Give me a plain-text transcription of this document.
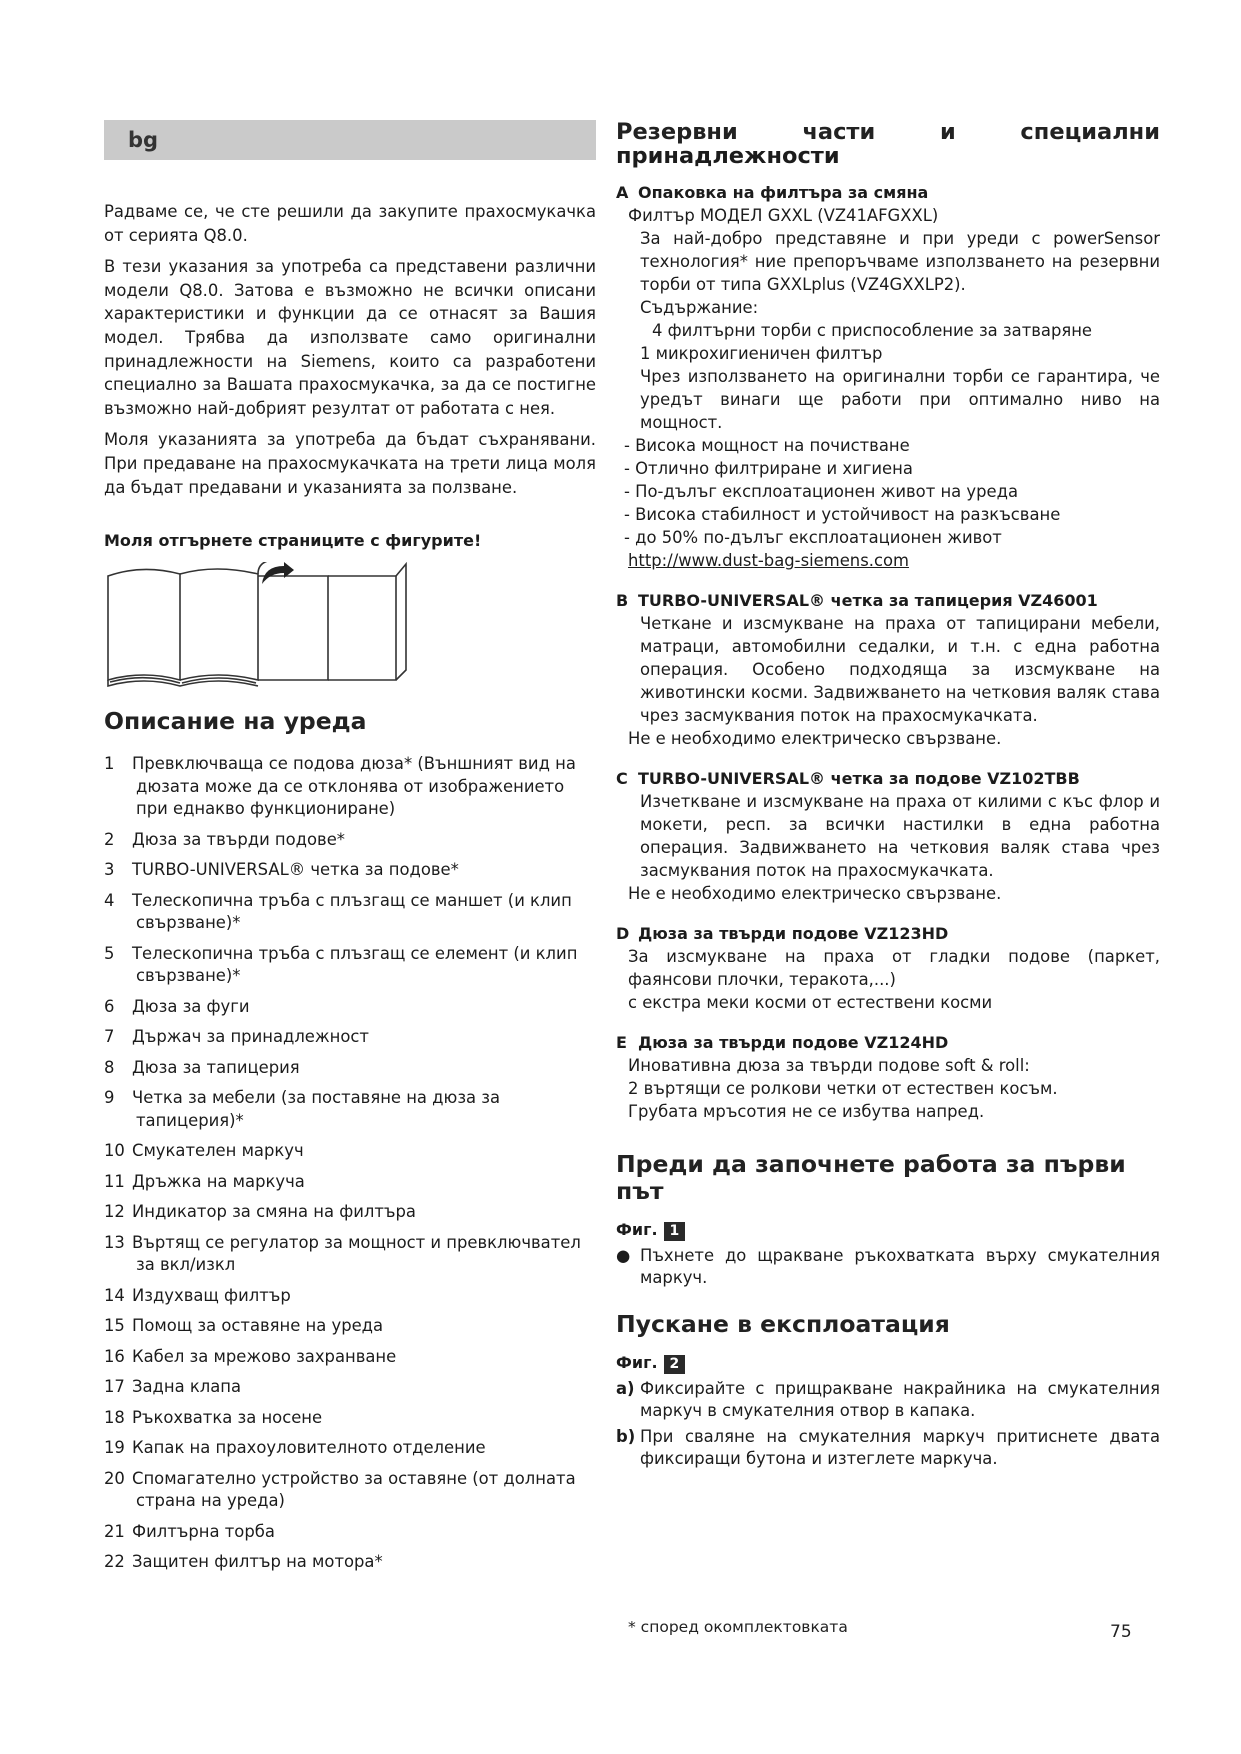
bg

Радваме се, че сте решили да закупите прахосмукачка от серията Q8.0.

В тези указания за употреба са представени различни модели Q8.0. Затова е възможно не всички описани характеристики и функции да се отнасят за Вашия модел. Трябва да използвате само оригинални принадлежности на Siemens, които са разработени специално за Вашата прахосмукачка, за да се постигне възможно най-добрият резултат от работата с нея.

Моля указанията за употреба да бъдат съхранявани. При предаване на прахосмукачката на трети лица моля да бъдат предавани и указанията за ползване.

Моля отгърнете страниците с фигурите!
Описание на уреда
1 Превключваща се подова дюза* (Външният вид на дюзата може да се отклонява от изображението при еднакво функциониране)
2 Дюза за твърди подове*
3 TURBO-UNIVERSAL® четка за подове*
4 Телескопична тръба с плъзгащ се маншет (и клип свързване)*
5 Телескопична тръба с плъзгащ се елемент (и клип свързване)*
6 Дюза за фуги
7 Държач за принадлежност
8 Дюза за тапицерия
9 Четка за мебели (за поставяне на дюза за тапицерия)*
10 Смукателен маркуч
11 Дръжка на маркуча
12 Индикатор за смяна на филтъра
13 Въртящ се регулатор за мощност и превключвател за вкл/изкл
14 Издухващ филтър
15 Помощ за оставяне на уреда
16 Кабел за мрежово захранване
17 Задна клапа
18 Ръкохватка за носене
19 Капак на прахоуловителното отделение
20 Спомагателно устройство за оставяне (от долната страна на уреда)
21 Филтърна торба
22 Защитен филтър на мотора*
Резервни части и специални
принадлежности
A Опаковка на филтъра за смяна
Филтър МОДЕЛ GXXL (VZ41AFGXXL)
За най-добро представяне и при уреди с powerSensor технология* ние препоръчваме използването на резервни торби от типа GXXLplus (VZ4GXXLP2).
Съдържание:
4 филтърни торби с приспособление за затваряне
1 микрохигиеничен филтър
Чрез използването на оригинални торби се гарантира, че уредът винаги ще работи при оптимално ниво на мощност.
- Висока мощност на почистване
- Отлично филтриране и хигиена
- По-дълъг експлоатационен живот на уреда
- Висока стабилност и устойчивост на разкъсване
- до 50% по-дълъг експлоатационен живот
http://www.dust-bag-siemens.com
B TURBO-UNIVERSAL® четка за тапицерия VZ46001
Четкане и изсмукване на праха от тапицирани мебели, матраци, автомобилни седалки, и т.н. с една работна операция. Особено подходяща за изсмукване на животински косми. Задвижването на четковия валяк става чрез засмуквания поток на прахосмукачката.
Не е необходимо електрическо свързване.
C TURBO-UNIVERSAL® четка за подове VZ102TBB
Изчеткване и изсмукване на праха от килими с къс флор и мокети, респ. за всички настилки в една работна операция. Задвижването на четковия валяк става чрез засмуквания поток на прахосмукачката.
Не е необходимо електрическо свързване.
D Дюза за твърди подове VZ123HD
За изсмукване на праха от гладки подове (паркет, фаянсови плочки, теракота,...)
с екстра меки косми от естествени косми
E Дюза за твърди подове VZ124HD
Иновативна дюза за твърди подове soft & roll:
2 въртящи се ролкови четки от естествен косъм.
Грубата мръсотия не се избутва напред.
Преди да започнете работа за първи път
Фиг. 1
● Пъхнете до щракване ръкохватката върху смукателния маркуч.
Пускане в експлоатация
Фиг. 2
a) Фиксирайте с прищракване накрайника на смукателния маркуч в смукателния отвор в капака.
b) При сваляне на смукателния маркуч притиснете двата фиксиращи бутона и изтеглете маркуча.
* според окомплектовката	75
